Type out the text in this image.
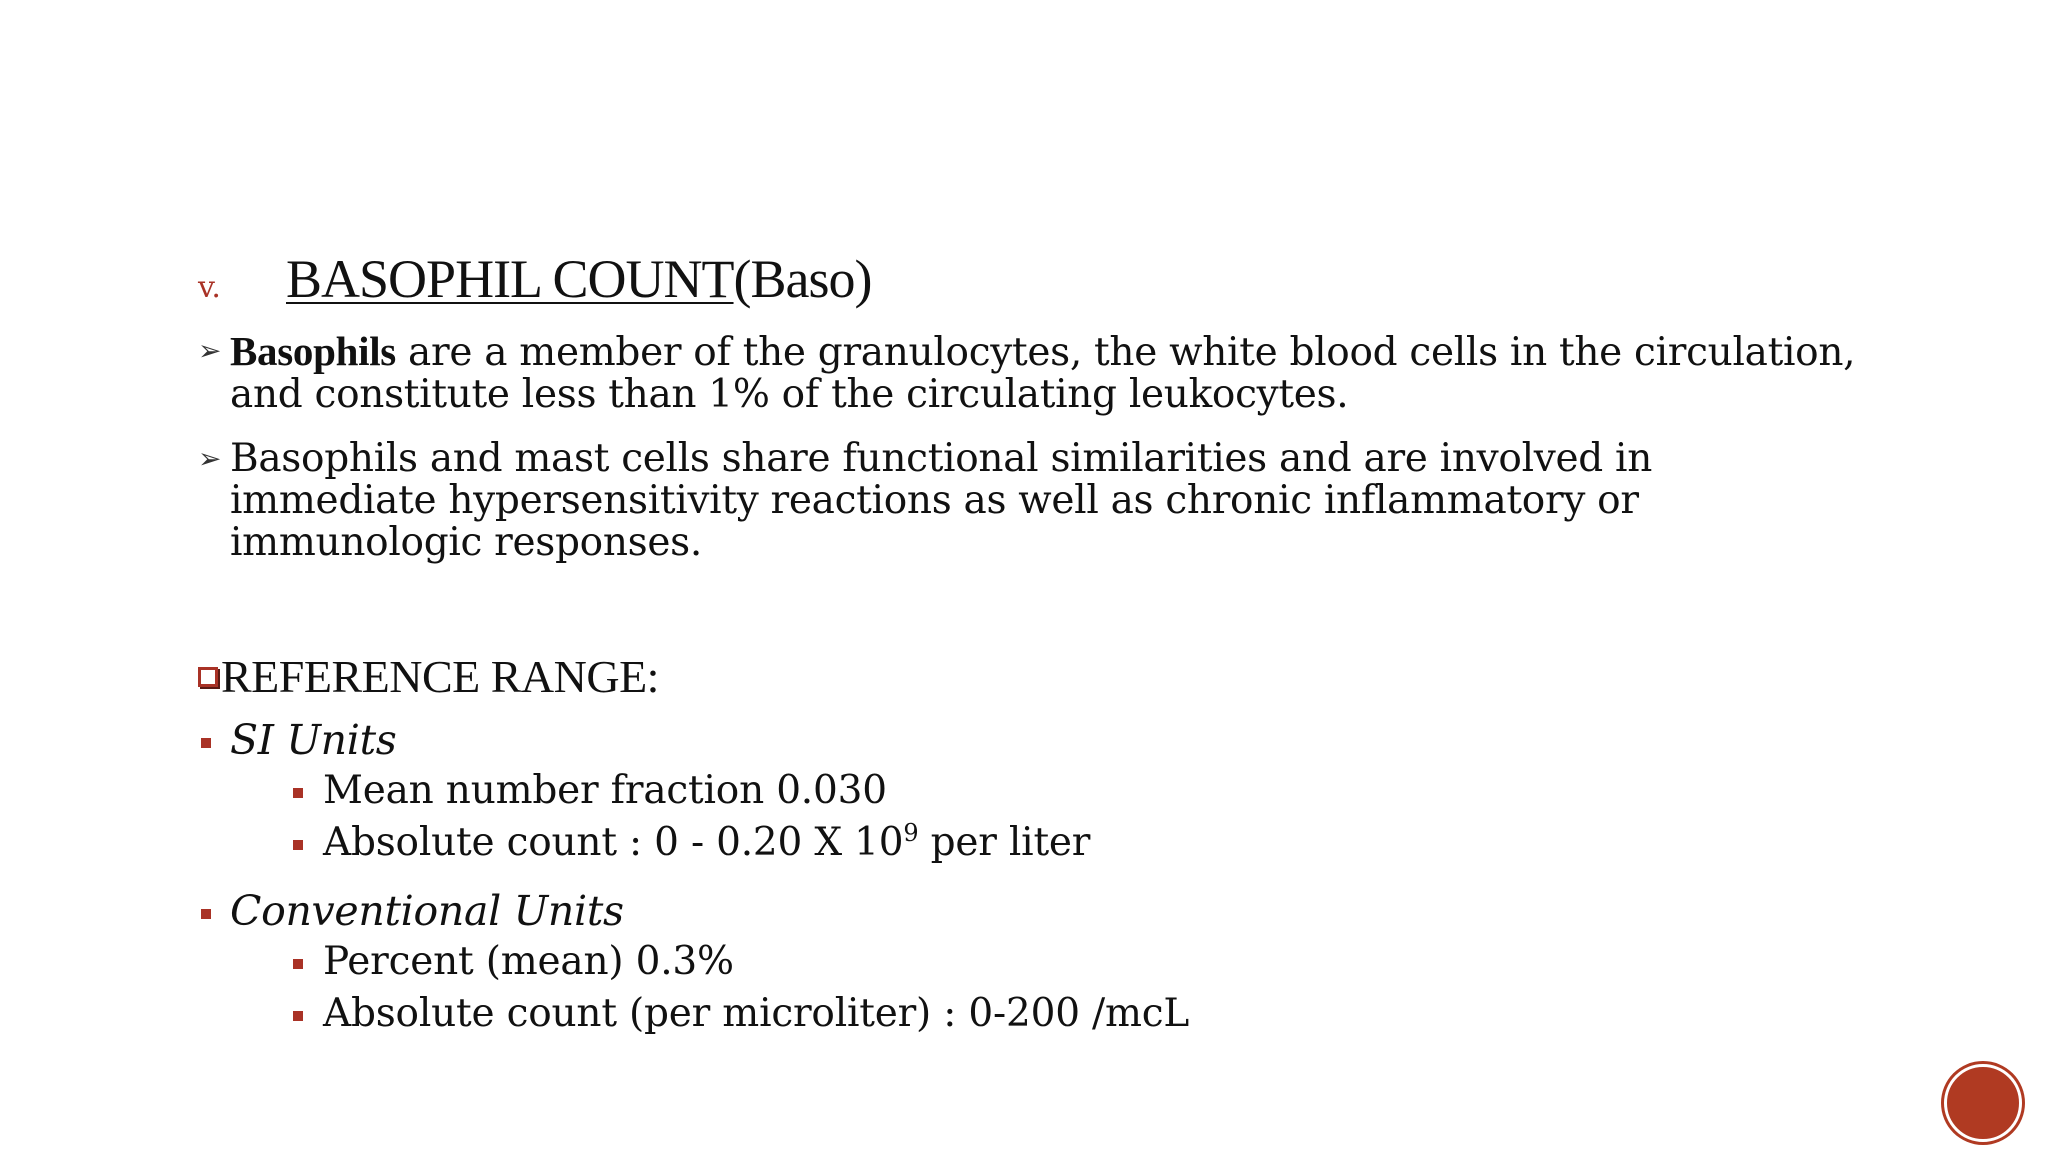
v.	BASOPHIL COUNT (Baso)
➢ Basophils are a member of the granulocytes, the white blood cells in the circulation, and constitute less than 1% of the circulating leukocytes.
➢ Basophils and mast cells share functional similarities and are involved in immediate hypersensitivity reactions as well as chronic inflammatory or immunologic responses.
REFERENCE RANGE:
SI Units
Mean number fraction 0.030
Absolute count : 0 - 0.20 X $10^9$ per liter
Conventional Units
Percent (mean) 0.3%
Absolute count (per microliter) : 0-200 /mcL
